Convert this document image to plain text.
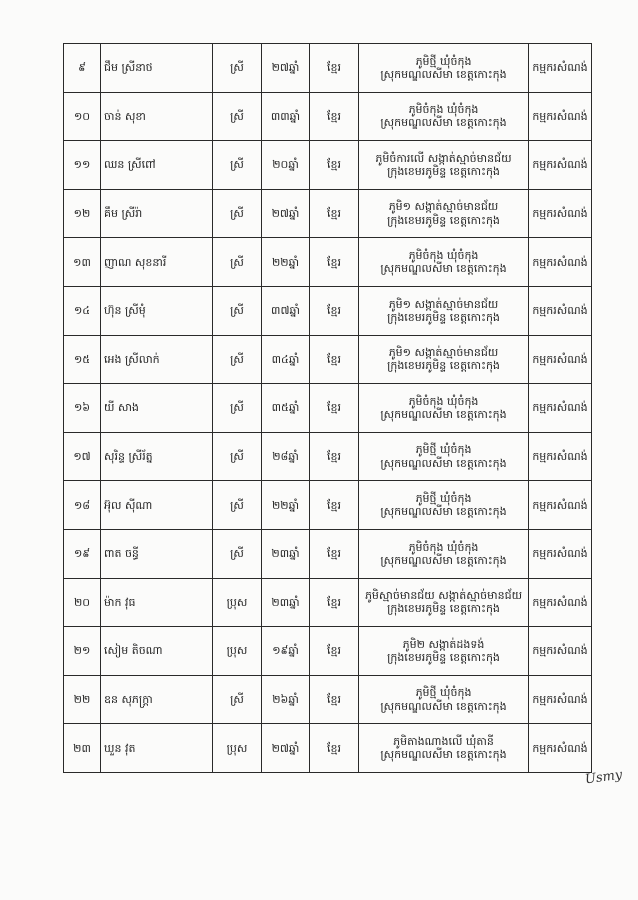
៩	ជឹម ស្រីនាថ	ស្រី	២៧ឆ្នាំ	ខ្មែរ	ភូមិថ្មី ឃុំចំកុង
ស្រុកមណ្ឌលសីមា ខេត្តកោះកុង	កម្មករសំណង់
១០	ចាន់ សុខា	ស្រី	៣៣ឆ្នាំ	ខ្មែរ	ភូមិចំកុង ឃុំចំកុង
ស្រុកមណ្ឌលសីមា ខេត្តកោះកុង	កម្មករសំណង់
១១	ឈន ស្រីពៅ	ស្រី	២០ឆ្នាំ	ខ្មែរ	ភូមិចំការលើ សង្កាត់ស្មាច់មានជ័យ
ក្រុងខេមរភូមិន្ទ ខេត្តកោះកុង	កម្មករសំណង់
១២	គឹម ស្រីរ៉ា	ស្រី	២៧ឆ្នាំ	ខ្មែរ	ភូមិ១ សង្កាត់ស្មាច់មានជ័យ
ក្រុងខេមរភូមិន្ទ ខេត្តកោះកុង	កម្មករសំណង់
១៣	ញាណ សុខនារី	ស្រី	២២ឆ្នាំ	ខ្មែរ	ភូមិចំកុង ឃុំចំកុង
ស្រុកមណ្ឌលសីមា ខេត្តកោះកុង	កម្មករសំណង់
១៤	ហ៊ុន ស្រីមុំ	ស្រី	៣៧ឆ្នាំ	ខ្មែរ	ភូមិ១ សង្កាត់ស្មាច់មានជ័យ
ក្រុងខេមរភូមិន្ទ ខេត្តកោះកុង	កម្មករសំណង់
១៥	អេង ស្រីលាក់	ស្រី	៣៤ឆ្នាំ	ខ្មែរ	ភូមិ១ សង្កាត់ស្មាច់មានជ័យ
ក្រុងខេមរភូមិន្ទ ខេត្តកោះកុង	កម្មករសំណង់
១៦	យី សាង	ស្រី	៣៥ឆ្នាំ	ខ្មែរ	ភូមិចំកុង ឃុំចំកុង
ស្រុកមណ្ឌលសីមា ខេត្តកោះកុង	កម្មករសំណង់
១៧	សុរិន្ទ ស្រីរ័ត្ន	ស្រី	២៨ឆ្នាំ	ខ្មែរ	ភូមិថ្មី ឃុំចំកុង
ស្រុកមណ្ឌលសីមា ខេត្តកោះកុង	កម្មករសំណង់
១៨	អ៊ុល ស៊ីណា	ស្រី	២២ឆ្នាំ	ខ្មែរ	ភូមិថ្មី ឃុំចំកុង
ស្រុកមណ្ឌលសីមា ខេត្តកោះកុង	កម្មករសំណង់
១៩	ពាត ចន្ធី	ស្រី	២៣ឆ្នាំ	ខ្មែរ	ភូមិចំកុង ឃុំចំកុង
ស្រុកមណ្ឌលសីមា ខេត្តកោះកុង	កម្មករសំណង់
២០	ម៉ាក វុធ	ប្រុស	២៣ឆ្នាំ	ខ្មែរ	ភូមិស្មាច់មានជ័យ សង្កាត់ស្មាច់មានជ័យ
ក្រុងខេមរភូមិន្ទ ខេត្តកោះកុង	កម្មករសំណង់
២១	សៀម តិចណា	ប្រុស	១៩ឆ្នាំ	ខ្មែរ	ភូមិ២ សង្កាត់ដងទង់
ក្រុងខេមរភូមិន្ទ ខេត្តកោះកុង	កម្មករសំណង់
២២	ឧន សុភក្ត្រា	ស្រី	២៦ឆ្នាំ	ខ្មែរ	ភូមិថ្មី ឃុំចំកុង
ស្រុកមណ្ឌលសីមា ខេត្តកោះកុង	កម្មករសំណង់
២៣	ឃួន វុត	ប្រុស	២៧ឆ្នាំ	ខ្មែរ	ភូមិតាងណាងលើ ឃុំតានី
ស្រុកមណ្ឌលសីមា ខេត្តកោះកុង	កម្មករសំណង់
Usmy
